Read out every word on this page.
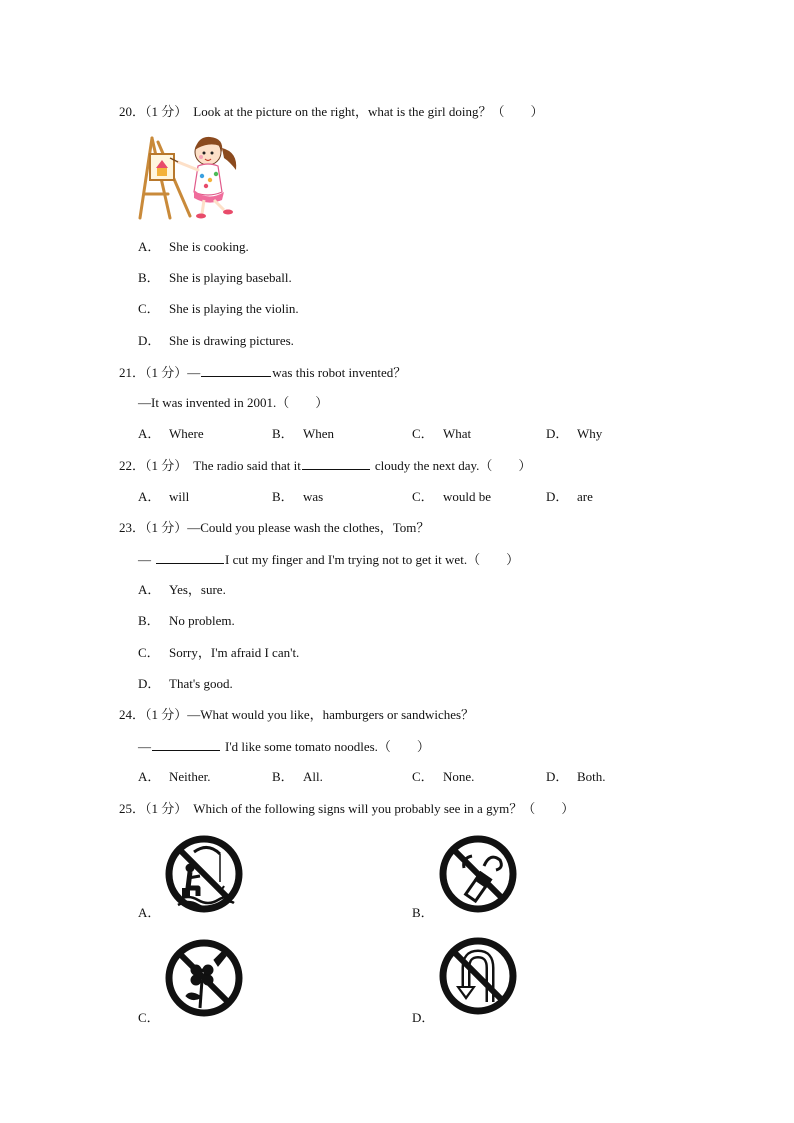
20．（1 分） Look at the picture on the right，what is the girl doing？（　　）
A． She is cooking.
B． She is playing baseball.
C． She is playing the violin.
D． She is drawing pictures.
21．（1 分）—	was this robot invented？
—It was invented in 2001.（　　）
A． Where	B． When	C． What	D． Why
22．（1 分） The radio said that it	cloudy the next day.（　　）
A． will	B． was	C． would be	D． are
23．（1 分）—Could you please wash the clothes，Tom？
—	I cut my finger and I'm trying not to get it wet.（　　）
A． Yes，sure.
B． No problem.
C． Sorry，I'm afraid I can't.
D． That's good.
24．（1 分）—What would you like，hamburgers or sandwiches？
—	I'd like some tomato noodles.（　　）
A． Neither.	B． All.	C． None.	D． Both.
25．（1 分） Which of the following signs will you probably see in a gym？（　　）
A．	B．
C．	D．
